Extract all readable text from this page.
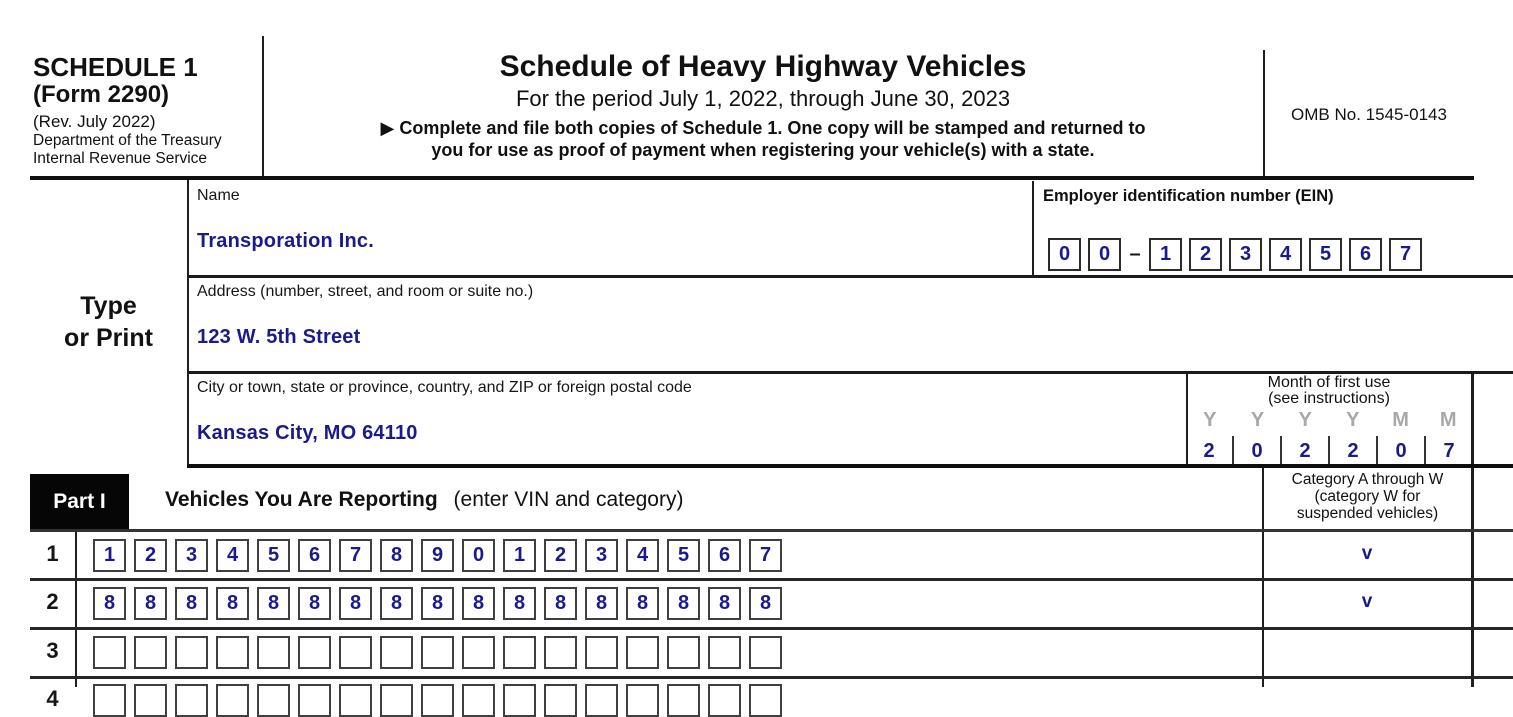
SCHEDULE 1
(Form 2290)
(Rev. July 2022)
Department of the Treasury
Internal Revenue Service
Schedule of Heavy Highway Vehicles
For the period July 1, 2022, through June 30, 2023
▶ Complete and file both copies of Schedule 1. One copy will be stamped and returned to
you for use as proof of payment when registering your vehicle(s) with a state.
OMB No. 1545-0143
Type
or Print
Name
Transporation Inc.
Employer identification number (EIN)
0	0 – 1	2	3	4	5	6	7
Address (number, street, and room or suite no.)
123 W. 5th Street
City or town, state or province, country, and ZIP or foreign postal code
Kansas City, MO 64110
Month of first use
(see instructions)
Y	Y	Y	Y	M	M
2	0	2	2	0	7
Part I	Vehicles You Are Reporting (enter VIN and category)
Category A through W
(category W for
suspended vehicles)
1	1	2	3	4	5	6	7	8	9	0	1	2	3	4	5	6	7	v
2	8	8	8	8	8	8	8	8	8	8	8	8	8	8	8	8	8	v
3
4
